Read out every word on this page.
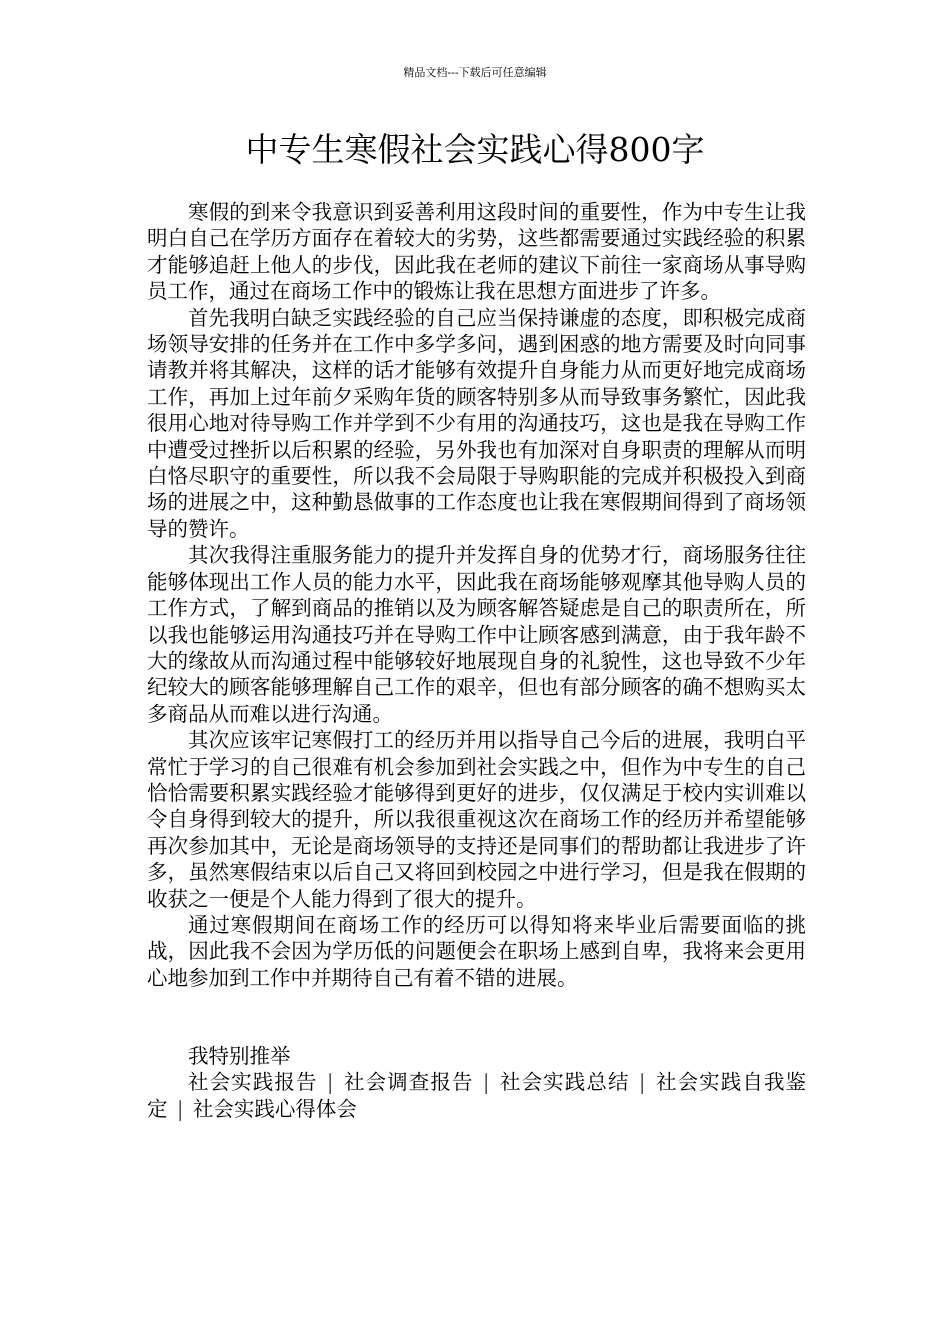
精品文档---下载后可任意编辑
中专生寒假社会实践心得800字

寒假的到来令我意识到妥善利用这段时间的重要性，作为中专生让我明白自己在学历方面存在着较大的劣势，这些都需要通过实践经验的积累才能够追赶上他人的步伐，因此我在老师的建议下前往一家商场从事导购员工作，通过在商场工作中的锻炼让我在思想方面进步了许多。

首先我明白缺乏实践经验的自己应当保持谦虚的态度，即积极完成商场领导安排的任务并在工作中多学多问，遇到困惑的地方需要及时向同事请教并将其解决，这样的话才能够有效提升自身能力从而更好地完成商场工作，再加上过年前夕采购年货的顾客特别多从而导致事务繁忙，因此我很用心地对待导购工作并学到不少有用的沟通技巧，这也是我在导购工作中遭受过挫折以后积累的经验，另外我也有加深对自身职责的理解从而明白恪尽职守的重要性，所以我不会局限于导购职能的完成并积极投入到商场的进展之中，这种勤恳做事的工作态度也让我在寒假期间得到了商场领导的赞许。

其次我得注重服务能力的提升并发挥自身的优势才行，商场服务往往能够体现出工作人员的能力水平，因此我在商场能够观摩其他导购人员的工作方式，了解到商品的推销以及为顾客解答疑虑是自己的职责所在，所以我也能够运用沟通技巧并在导购工作中让顾客感到满意，由于我年龄不大的缘故从而沟通过程中能够较好地展现自身的礼貌性，这也导致不少年纪较大的顾客能够理解自己工作的艰辛，但也有部分顾客的确不想购买太多商品从而难以进行沟通。

其次应该牢记寒假打工的经历并用以指导自己今后的进展，我明白平常忙于学习的自己很难有机会参加到社会实践之中，但作为中专生的自己恰恰需要积累实践经验才能够得到更好的进步，仅仅满足于校内实训难以令自身得到较大的提升，所以我很重视这次在商场工作的经历并希望能够再次参加其中，无论是商场领导的支持还是同事们的帮助都让我进步了许多，虽然寒假结束以后自己又将回到校园之中进行学习，但是我在假期的收获之一便是个人能力得到了很大的提升。

通过寒假期间在商场工作的经历可以得知将来毕业后需要面临的挑战，因此我不会因为学历低的问题便会在职场上感到自卑，我将来会更用心地参加到工作中并期待自己有着不错的进展。

我特别推举

社会实践报告 | 社会调查报告 | 社会实践总结 | 社会实践自我鉴定 | 社会实践心得体会
